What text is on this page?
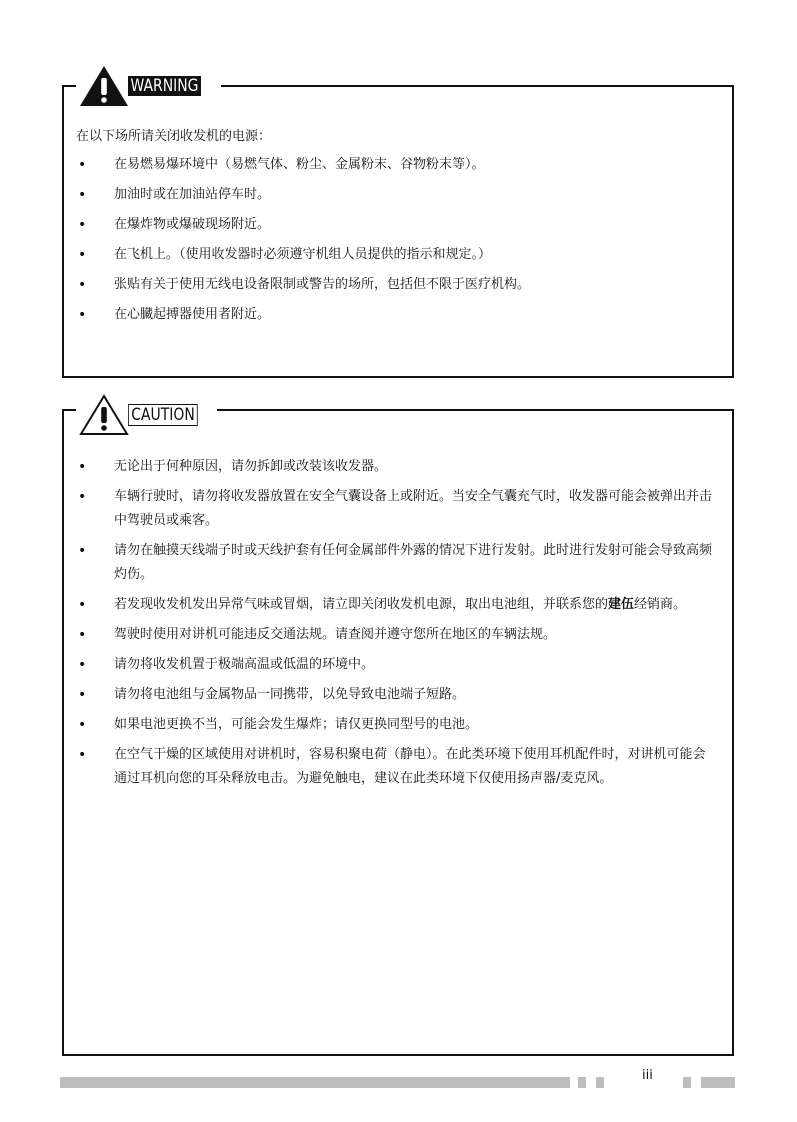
WARNING

在以下场所请关闭收发机的电源：

• 在易燃易爆环境中（易燃气体、粉尘、金属粉末、谷物粉末等）。
• 加油时或在加油站停车时。
• 在爆炸物或爆破现场附近。
• 在飞机上。（使用收发器时必须遵守机组人员提供的指示和规定。）
• 张贴有关于使用无线电设备限制或警告的场所，包括但不限于医疗机构。
• 在心臓起搏器使用者附近。
CAUTION
• 无论出于何种原因，请勿拆卸或改装该收发器。
• 车辆行驶时，请勿将收发器放置在安全气囊设备上或附近。当安全气囊充气时，收发器可能会被弹出并击中驾驶员或乘客。
• 请勿在触摸天线端子时或天线护套有任何金属部件外露的情况下进行发射。此时进行发射可能会导致高频灼伤。
• 若发现收发机发出异常气味或冒烟，请立即关闭收发机电源，取出电池组，并联系您的建伍经销商。
• 驾驶时使用对讲机可能违反交通法规。请查阅并遵守您所在地区的车辆法规。
• 请勿将收发机置于极端高温或低温的环境中。
• 请勿将电池组与金属物品一同携带，以免导致电池端子短路。
• 如果电池更换不当，可能会发生爆炸；请仅更换同型号的电池。
• 在空气干燥的区域使用对讲机时，容易积聚电荷（静电）。在此类环境下使用耳机配件时，对讲机可能会通过耳机向您的耳朵释放电击。为避免触电，建议在此类环境下仅使用扬声器/麦克风。
iii
